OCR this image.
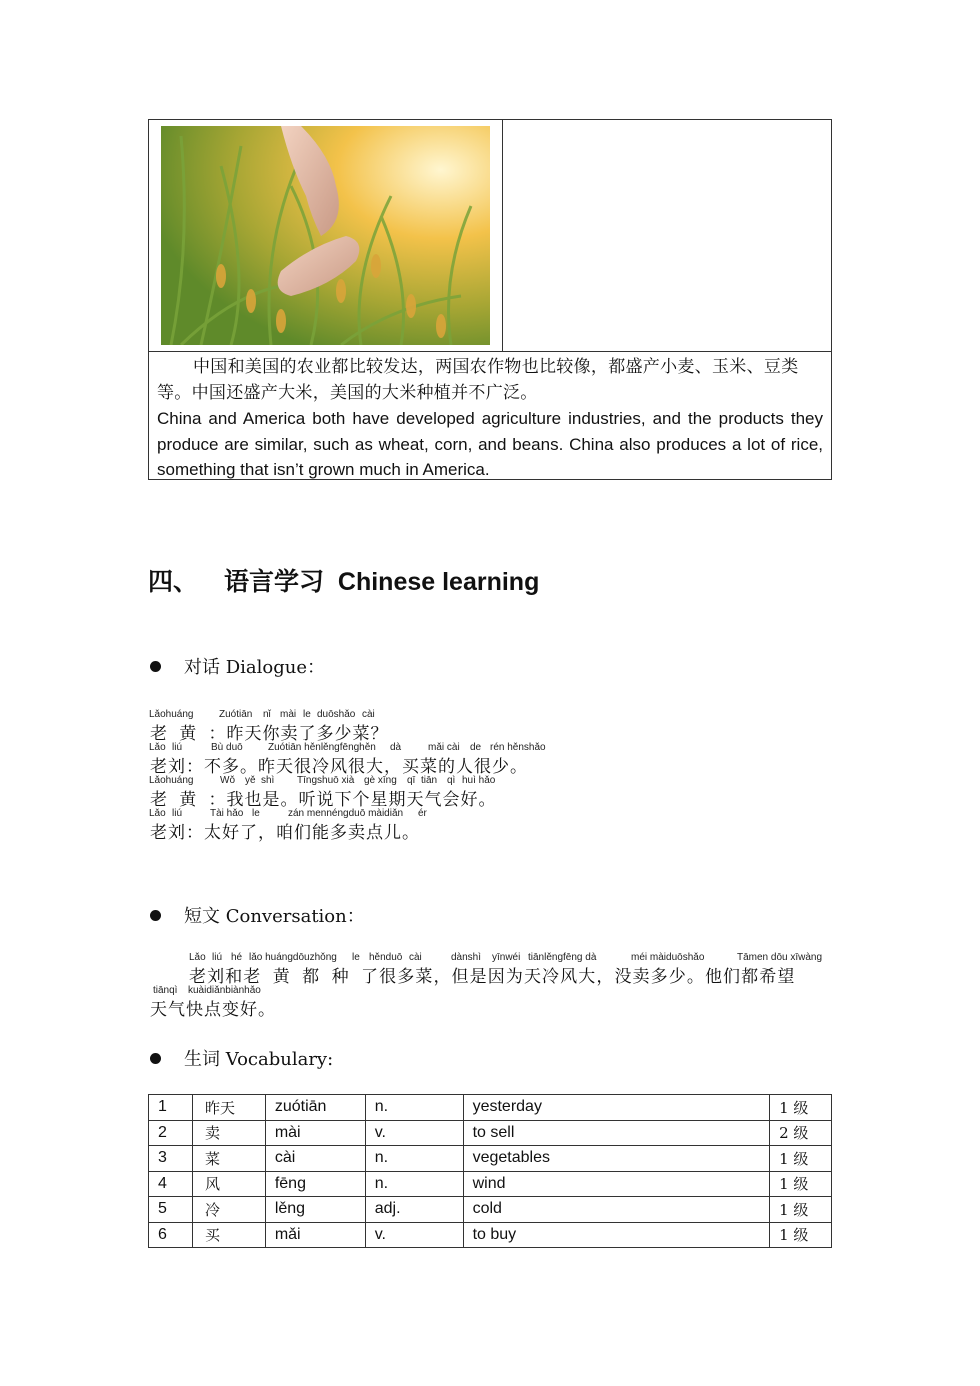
中国和美国的农业都比较发达，两国农作物也比较像，都盛产小麦、玉米、豆类等。中国还盛产大米，美国的大米种植并不广泛。

China and America both have developed agriculture industries, and the products they produce are similar, such as wheat, corn, and beans. China also produces a lot of rice, something that isn’t grown much in America.

四、 语言学习  Chinese learning
对话 Dialogue：
Lǎohuáng	Zuótiān nǐ mài le duōshǎo cài
老 黄 ：昨天你卖了多少菜？
Lǎo liú	Bù duō	Zuótiān hěnlěngfēnghěn dà	mǎi cài de rén hěnshǎo
老刘：不多。昨天很冷风很大，买菜的人很少。
Lǎohuáng	Wǒ yě shì Tīngshuō xià gè xīng qī tiān qì huì hǎo
老 黄 ：我也是。听说下个星期天气会好。
Lǎo liú	Tài hǎo le	zán mennéngduō màidiǎn ér
老刘：太好了，咱们能多卖点儿。
短文 Conversation：
Lǎo liú hé lǎo huángdōuzhǒng le hěnduō cài	dànshì yīnwéi tiānlěngfēng dà	méi màiduōshǎo	Tāmen dōu xīwàng
老刘和老 黄 都 种 了很多菜，但是因为天冷风大，没卖多少。他们都希望
tiānqì kuàidiǎnbiànhǎo
天气快点变好。
生词 Vocabulary:
1	昨天	zuótiān	n.	yesterday	1 级
2	卖	mài	v.	to sell	2 级
3	菜	cài	n.	vegetables	1 级
4	风	fēng	n.	wind	1 级
5	冷	lěng	adj.	cold	1 级
6	买	mǎi	v.	to buy	1 级
